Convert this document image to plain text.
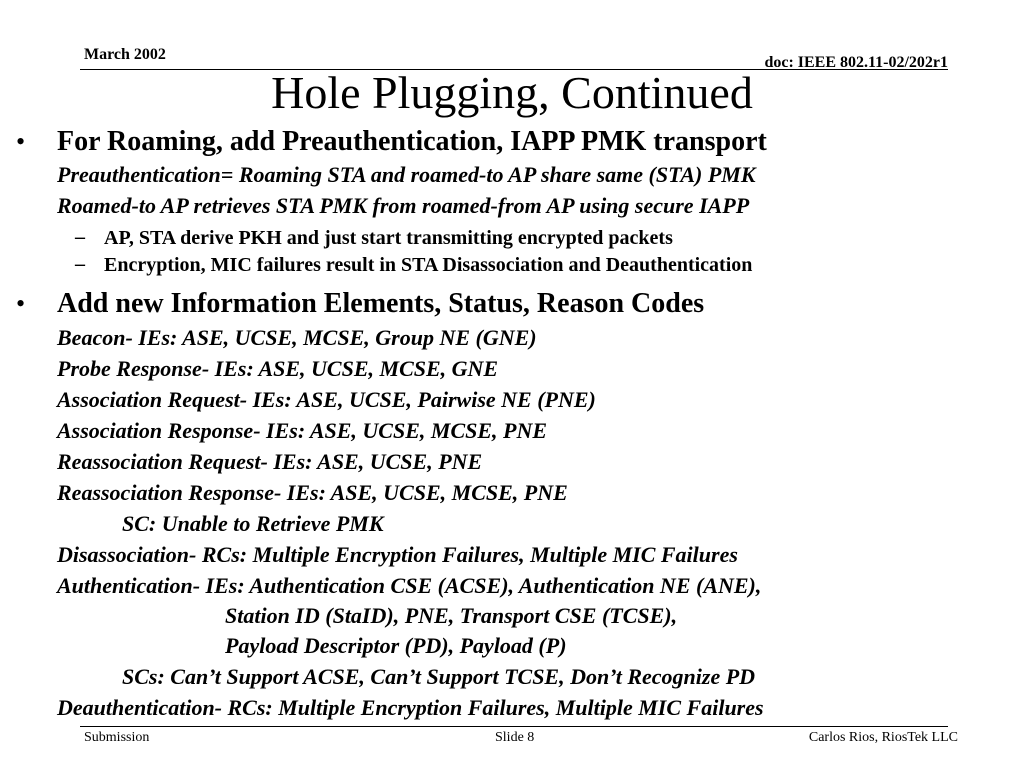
March 2002	doc: IEEE 802.11-02/202r1
Hole Plugging, Continued
• For Roaming, add Preauthentication, IAPP PMK transport
Preauthentication= Roaming STA and roamed-to AP share same (STA) PMK
Roamed-to AP retrieves STA PMK from roamed-from AP using secure IAPP
– AP, STA derive PKH and just start transmitting encrypted packets
– Encryption, MIC failures result in STA Disassociation and Deauthentication
• Add new Information Elements, Status, Reason Codes
Beacon- IEs: ASE, UCSE, MCSE, Group NE (GNE)
Probe Response- IEs: ASE, UCSE, MCSE, GNE
Association Request- IEs: ASE, UCSE, Pairwise NE (PNE)
Association Response- IEs: ASE, UCSE, MCSE, PNE
Reassociation Request- IEs: ASE, UCSE, PNE
Reassociation Response- IEs: ASE, UCSE, MCSE, PNE
SC: Unable to Retrieve PMK
Disassociation- RCs: Multiple Encryption Failures, Multiple MIC Failures
Authentication- IEs: Authentication CSE (ACSE), Authentication NE (ANE),
Station ID (StaID), PNE, Transport CSE (TCSE),
Payload Descriptor (PD), Payload (P)
SCs: Can’t Support ACSE, Can’t Support TCSE, Don’t Recognize PD
Deauthentication- RCs: Multiple Encryption Failures, Multiple MIC Failures
Submission	Slide 8	Carlos Rios, RiosTek LLC
